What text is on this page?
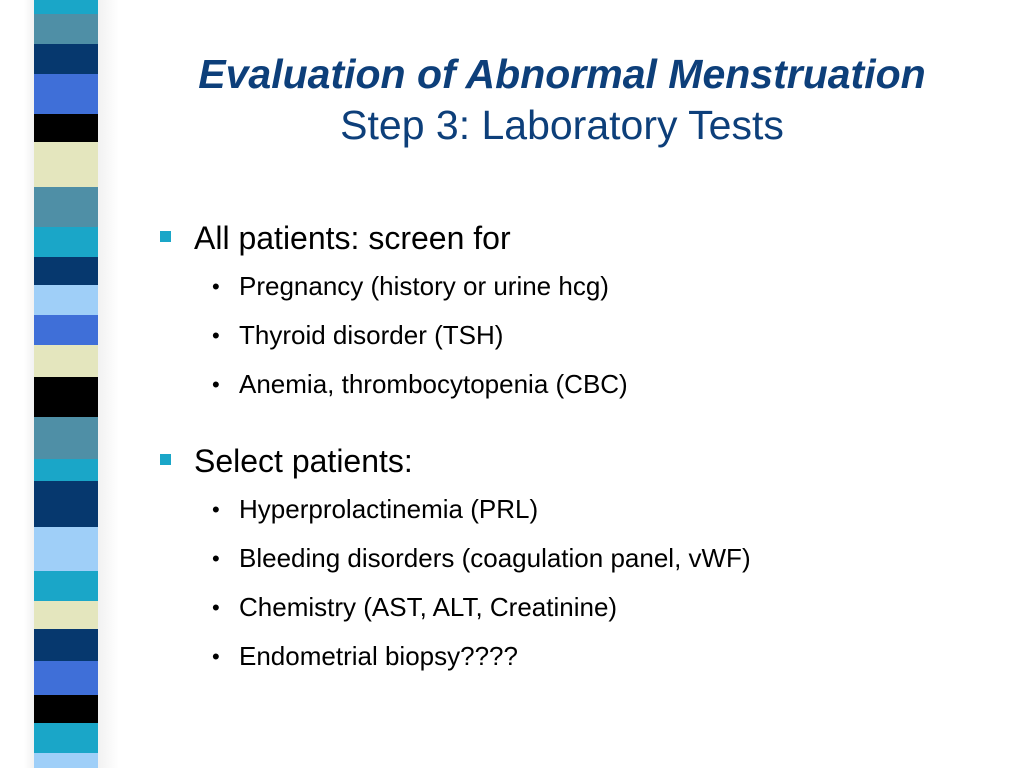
Evaluation of Abnormal Menstruation
Step 3: Laboratory Tests
All patients: screen for
• Pregnancy (history or urine hcg)
• Thyroid disorder (TSH)
• Anemia, thrombocytopenia (CBC)
Select patients:
• Hyperprolactinemia (PRL)
• Bleeding disorders (coagulation panel, vWF)
• Chemistry (AST, ALT, Creatinine)
• Endometrial biopsy????
